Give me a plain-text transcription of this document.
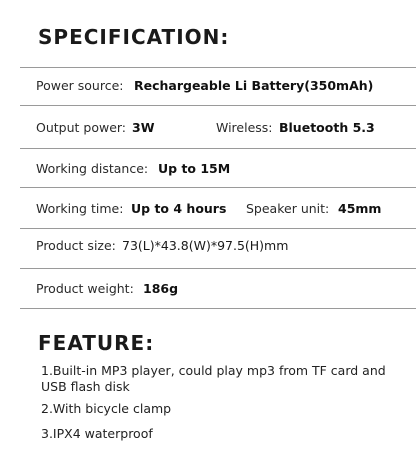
SPECIFICATION:
Power source: Rechargeable Li Battery(350mAh)
Output power: 3W	Wireless: Bluetooth 5.3
Working distance: Up to 15M
Working time: Up to 4 hours Speaker unit: 45mm
Product size: 73(L)*43.8(W)*97.5(H)mm
Product weight: 186g
FEATURE:
1.Built-in MP3 player, could play mp3 from TF card and USB flash disk
2.With bicycle clamp
3.IPX4 waterproof
